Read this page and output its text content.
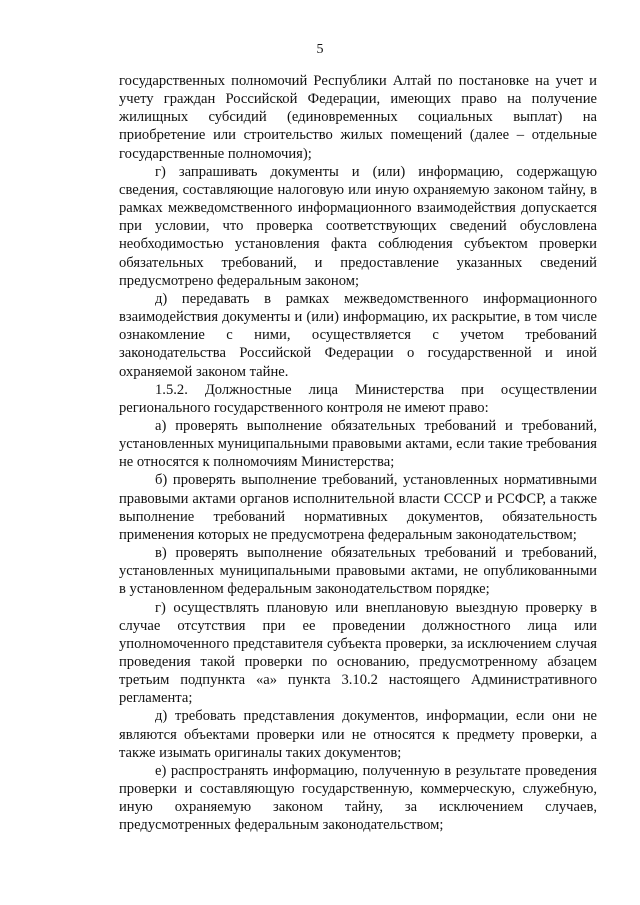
5

государственных полномочий Республики Алтай по постановке на учет и учету граждан Российской Федерации, имеющих право на получение жилищных субсидий (единовременных социальных выплат) на приобретение или строительство жилых помещений (далее – отдельные государственные полномочия);

г) запрашивать документы и (или) информацию, содержащую сведения, составляющие налоговую или иную охраняемую законом тайну, в рамках межведомственного информационного взаимодействия допускается при условии, что проверка соответствующих сведений обусловлена необходимостью установления факта соблюдения субъектом проверки обязательных требований, и предоставление указанных сведений предусмотрено федеральным законом;

д) передавать в рамках межведомственного информационного взаимодействия документы и (или) информацию, их раскрытие, в том числе ознакомление с ними, осуществляется с учетом требований законодательства Российской Федерации о государственной и иной охраняемой законом тайне.

1.5.2. Должностные лица Министерства при осуществлении регионального государственного контроля не имеют право:

а) проверять выполнение обязательных требований и требований, установленных муниципальными правовыми актами, если такие требования не относятся к полномочиям Министерства;

б) проверять выполнение требований, установленных нормативными правовыми актами органов исполнительной власти СССР и РСФСР, а также выполнение требований нормативных документов, обязательность применения которых не предусмотрена федеральным законодательством;

в) проверять выполнение обязательных требований и требований, установленных муниципальными правовыми актами, не опубликованными в установленном федеральным законодательством порядке;

г) осуществлять плановую или внеплановую выездную проверку в случае отсутствия при ее проведении должностного лица или уполномоченного представителя субъекта проверки, за исключением случая проведения такой проверки по основанию, предусмотренному абзацем третьим подпункта «а» пункта 3.10.2 настоящего Административного регламента;

д) требовать представления документов, информации, если они не являются объектами проверки или не относятся к предмету проверки, а также изымать оригиналы таких документов;

е) распространять информацию, полученную в результате проведения проверки и составляющую государственную, коммерческую, служебную, иную охраняемую законом тайну, за исключением случаев, предусмотренных федеральным законодательством;
